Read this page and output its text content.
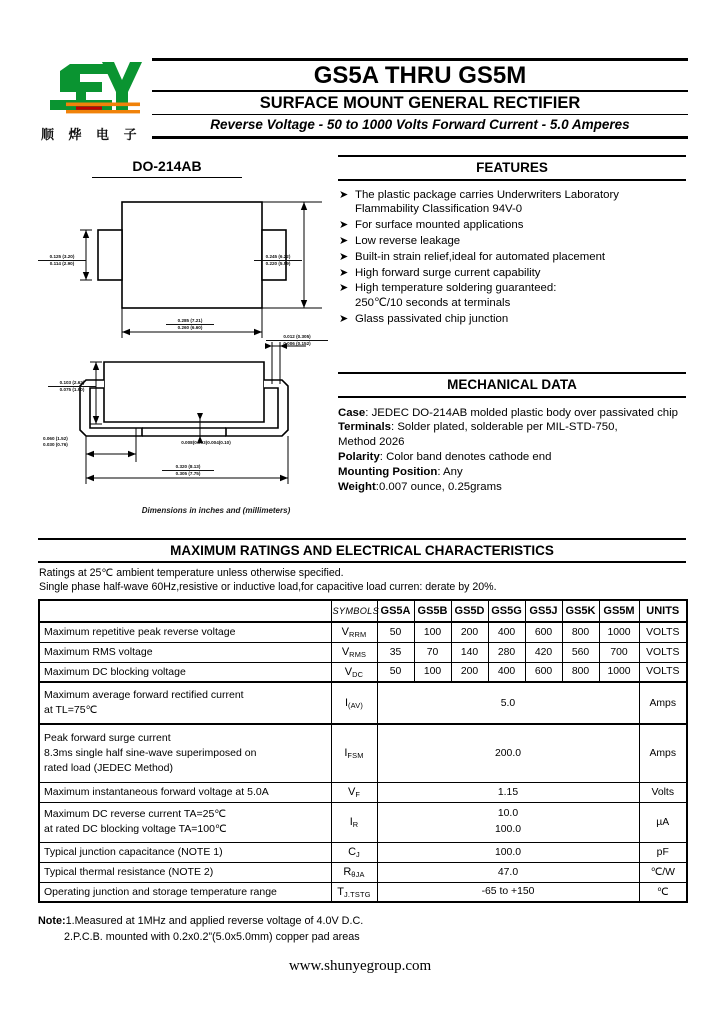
顺 烨 电 子
GS5A THRU GS5M
SURFACE MOUNT GENERAL RECTIFIER
Reverse Voltage - 50 to 1000 Volts Forward Current - 5.0 Amperes
DO-214AB
0.125 (3.20)
0.114 (2.90)
0.245 (6.22)
0.220 (5.59)
0.285 (7.21)
0.260 (6.60)
0.012 (0.305)
0.006 (0.152)
0.103 (2.62)
0.075 (1.90)
0.060 (1.52)
0.030 (0.76)	0.008(0.203)0.004(0.10)
0.320 (8.13)
0.305 (7.75)
Dimensions in inches and (millimeters)
FEATURES
➤ The plastic package carries Underwriters Laboratory
Flammability Classification 94V-0
➤ For surface mounted applications
➤ Low reverse leakage
➤ Built-in strain relief,ideal for automated placement
➤ High forward surge current capability
➤ High temperature soldering guaranteed:
250℃/10 seconds at terminals
➤ Glass passivated chip junction
MECHANICAL DATA
Case: JEDEC DO-214AB molded plastic body over passivated chip
Terminals: Solder plated, solderable per MIL-STD-750,
Method 2026
Polarity: Color band denotes cathode end
Mounting Position: Any
Weight:0.007 ounce, 0.25grams
MAXIMUM RATINGS AND ELECTRICAL CHARACTERISTICS
Ratings at 25℃ ambient temperature unless otherwise specified.
Single phase half-wave 60Hz,resistive or inductive load,for capacitive load curren: derate by 20%.
	SYMBOLS	GS5A	GS5B	GS5D	GS5G	GS5J	GS5K	GS5M	UNITS
Maximum repetitive peak reverse voltage	VRRM	50	100	200	400	600	800	1000	VOLTS
Maximum RMS voltage	VRMS	35	70	140	280	420	560	700	VOLTS
Maximum DC blocking voltage	VDC	50	100	200	400	600	800	1000	VOLTS

Maximum average forward rectified current
at TL=75℃	I(AV)	5.0							Amps

Peak forward surge current
8.3ms single half sine-wave superimposed on
rated load (JEDEC Method)	IFSM	200.0							Amps
Maximum instantaneous forward voltage at 5.0A	VF	1.15							Volts

Maximum DC reverse current TA=25℃
at rated DC blocking voltage TA=100℃	IR	10.0
100.0							µA
Typical junction capacitance (NOTE 1)	CJ	100.0							pF
Typical thermal resistance (NOTE 2)	RθJA	47.0							℃/W
Operating junction and storage temperature range	TJ.TSTG	-65 to +150							℃
Note:1.Measured at 1MHz and applied reverse voltage of 4.0V D.C.
2.P.C.B. mounted with 0.2x0.2”(5.0x5.0mm) copper pad areas
www.shunyegroup.com
